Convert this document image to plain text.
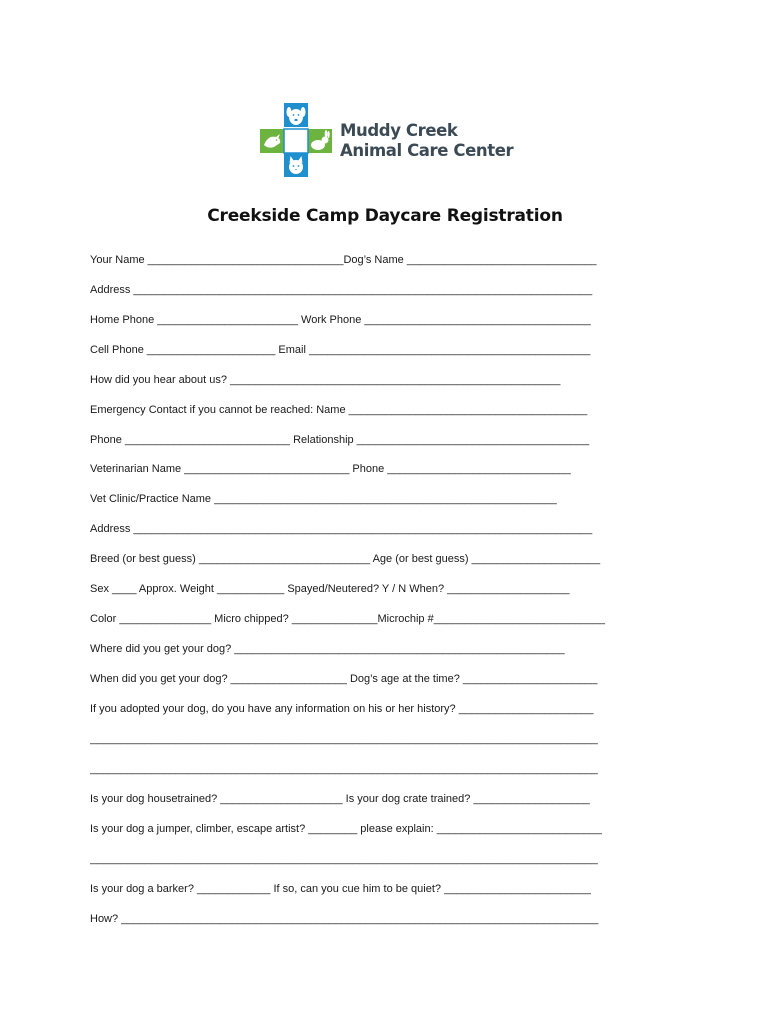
Muddy Creek
Animal Care Center
Creekside Camp Daycare Registration
Your Name ________________________________Dog’s Name _______________________________
Address ___________________________________________________________________________
Home Phone _______________________ Work Phone _____________________________________
Cell Phone _____________________ Email ______________________________________________
How did you hear about us? ______________________________________________________
Emergency Contact if you cannot be reached: Name _______________________________________
Phone ___________________________ Relationship ______________________________________
Veterinarian Name ___________________________ Phone ______________________________
Vet Clinic/Practice Name ________________________________________________________
Address ___________________________________________________________________________
Breed (or best guess) ____________________________ Age (or best guess) _____________________
Sex ____ Approx. Weight ___________ Spayed/Neutered? Y / N When? ____________________
Color _______________ Micro chipped? ______________Microchip #____________________________
Where did you get your dog? ______________________________________________________
When did you get your dog? ___________________ Dog’s age at the time? ______________________
If you adopted your dog, do you have any information on his or her history? ______________________
___________________________________________________________________________________
___________________________________________________________________________________
Is your dog housetrained? ____________________ Is your dog crate trained? ___________________
Is your dog a jumper, climber, escape artist? ________ please explain: ___________________________
___________________________________________________________________________________
Is your dog a barker? ____________ If so, can you cue him to be quiet? ________________________
How? ______________________________________________________________________________
